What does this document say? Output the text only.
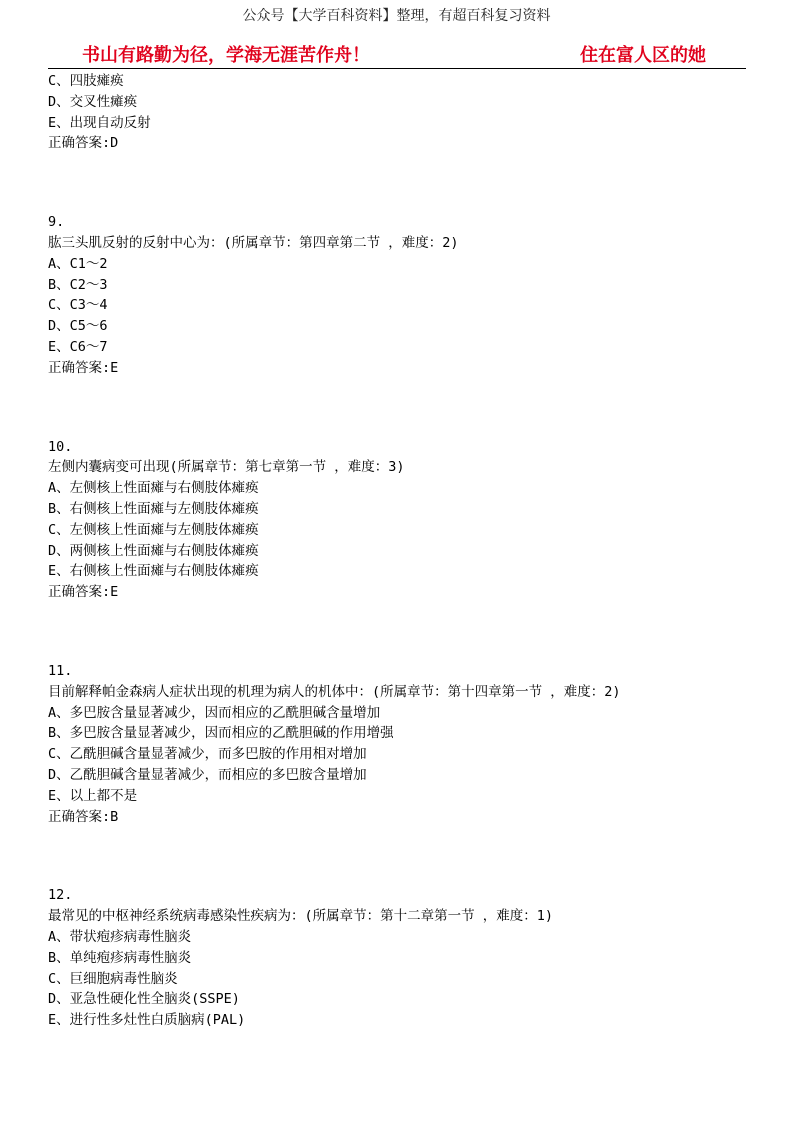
公众号【大学百科资料】整理，有超百科复习资料
书山有路勤为径，学海无涯苦作舟！	住在富人区的她
C、四肢瘫痪
D、交叉性瘫痪
E、出现自动反射
正确答案:D
9.
肱三头肌反射的反射中心为：(所属章节：第四章第二节 ，难度：2)
A、C1～2
B、C2～3
C、C3～4
D、C5～6
E、C6～7
正确答案:E
10.
左侧内囊病变可出现(所属章节：第七章第一节 ，难度：3)
A、左侧核上性面瘫与右侧肢体瘫痪
B、右侧核上性面瘫与左侧肢体瘫痪
C、左侧核上性面瘫与左侧肢体瘫痪
D、两侧核上性面瘫与右侧肢体瘫痪
E、右侧核上性面瘫与右侧肢体瘫痪
正确答案:E
11.
目前解释帕金森病人症状出现的机理为病人的机体中：(所属章节：第十四章第一节 ，难度：2)
A、多巴胺含量显著减少，因而相应的乙酰胆碱含量增加
B、多巴胺含量显著减少，因而相应的乙酰胆碱的作用增强
C、乙酰胆碱含量显著减少，而多巴胺的作用相对增加
D、乙酰胆碱含量显著减少，而相应的多巴胺含量增加
E、以上都不是
正确答案:B
12.
最常见的中枢神经系统病毒感染性疾病为：(所属章节：第十二章第一节 ，难度：1)
A、带状疱疹病毒性脑炎
B、单纯疱疹病毒性脑炎
C、巨细胞病毒性脑炎
D、亚急性硬化性全脑炎(SSPE)
E、进行性多灶性白质脑病(PAL)
